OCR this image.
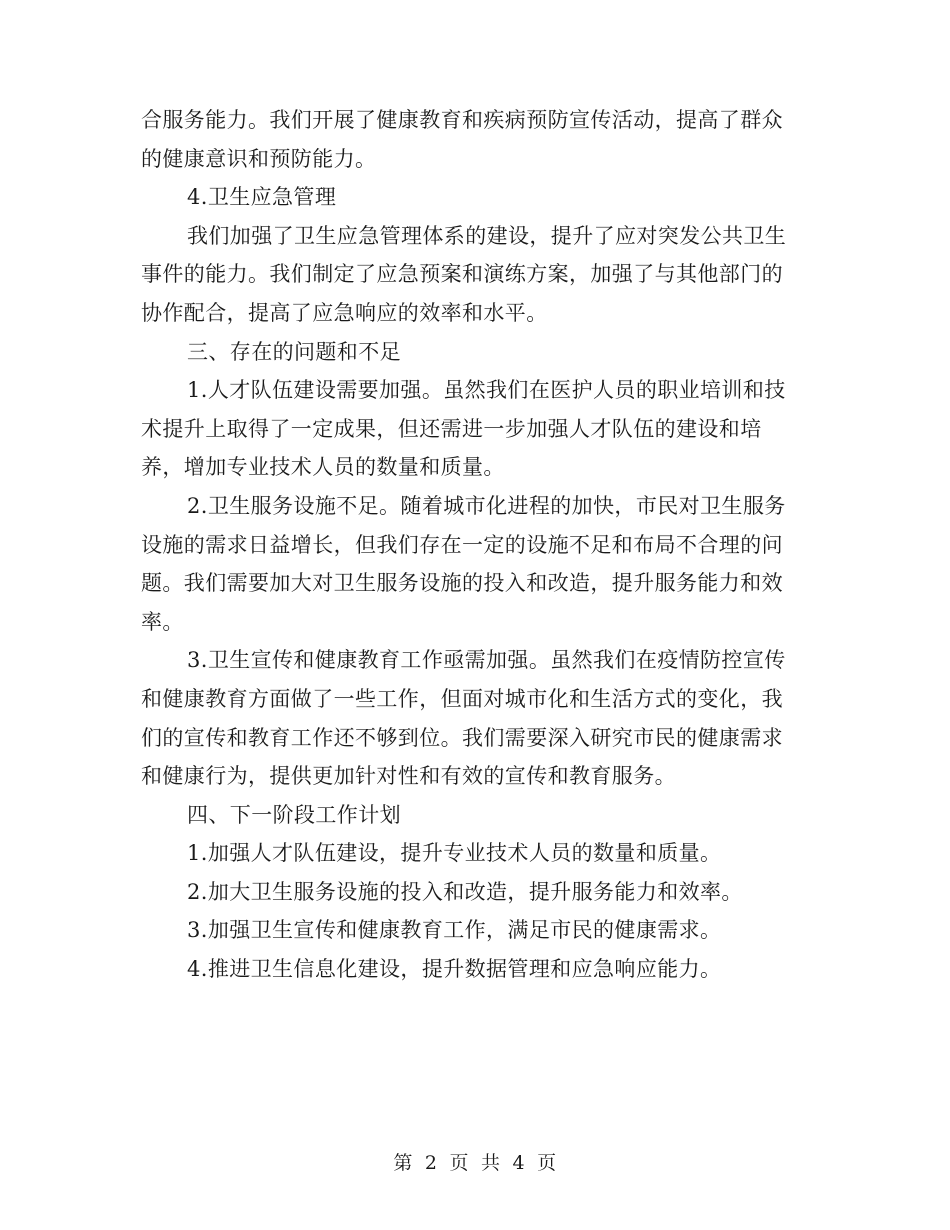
合服务能力。我们开展了健康教育和疾病预防宣传活动，提高了群众
的健康意识和预防能力。
4.卫生应急管理
我们加强了卫生应急管理体系的建设，提升了应对突发公共卫生
事件的能力。我们制定了应急预案和演练方案，加强了与其他部门的
协作配合，提高了应急响应的效率和水平。
三、存在的问题和不足
1.人才队伍建设需要加强。虽然我们在医护人员的职业培训和技
术提升上取得了一定成果，但还需进一步加强人才队伍的建设和培
养，增加专业技术人员的数量和质量。
2.卫生服务设施不足。随着城市化进程的加快，市民对卫生服务
设施的需求日益增长，但我们存在一定的设施不足和布局不合理的问
题。我们需要加大对卫生服务设施的投入和改造，提升服务能力和效
率。
3.卫生宣传和健康教育工作亟需加强。虽然我们在疫情防控宣传
和健康教育方面做了一些工作，但面对城市化和生活方式的变化，我
们的宣传和教育工作还不够到位。我们需要深入研究市民的健康需求
和健康行为，提供更加针对性和有效的宣传和教育服务。
四、下一阶段工作计划
1.加强人才队伍建设，提升专业技术人员的数量和质量。
2.加大卫生服务设施的投入和改造，提升服务能力和效率。
3.加强卫生宣传和健康教育工作，满足市民的健康需求。
4.推进卫生信息化建设，提升数据管理和应急响应能力。
第 2 页 共 4 页
